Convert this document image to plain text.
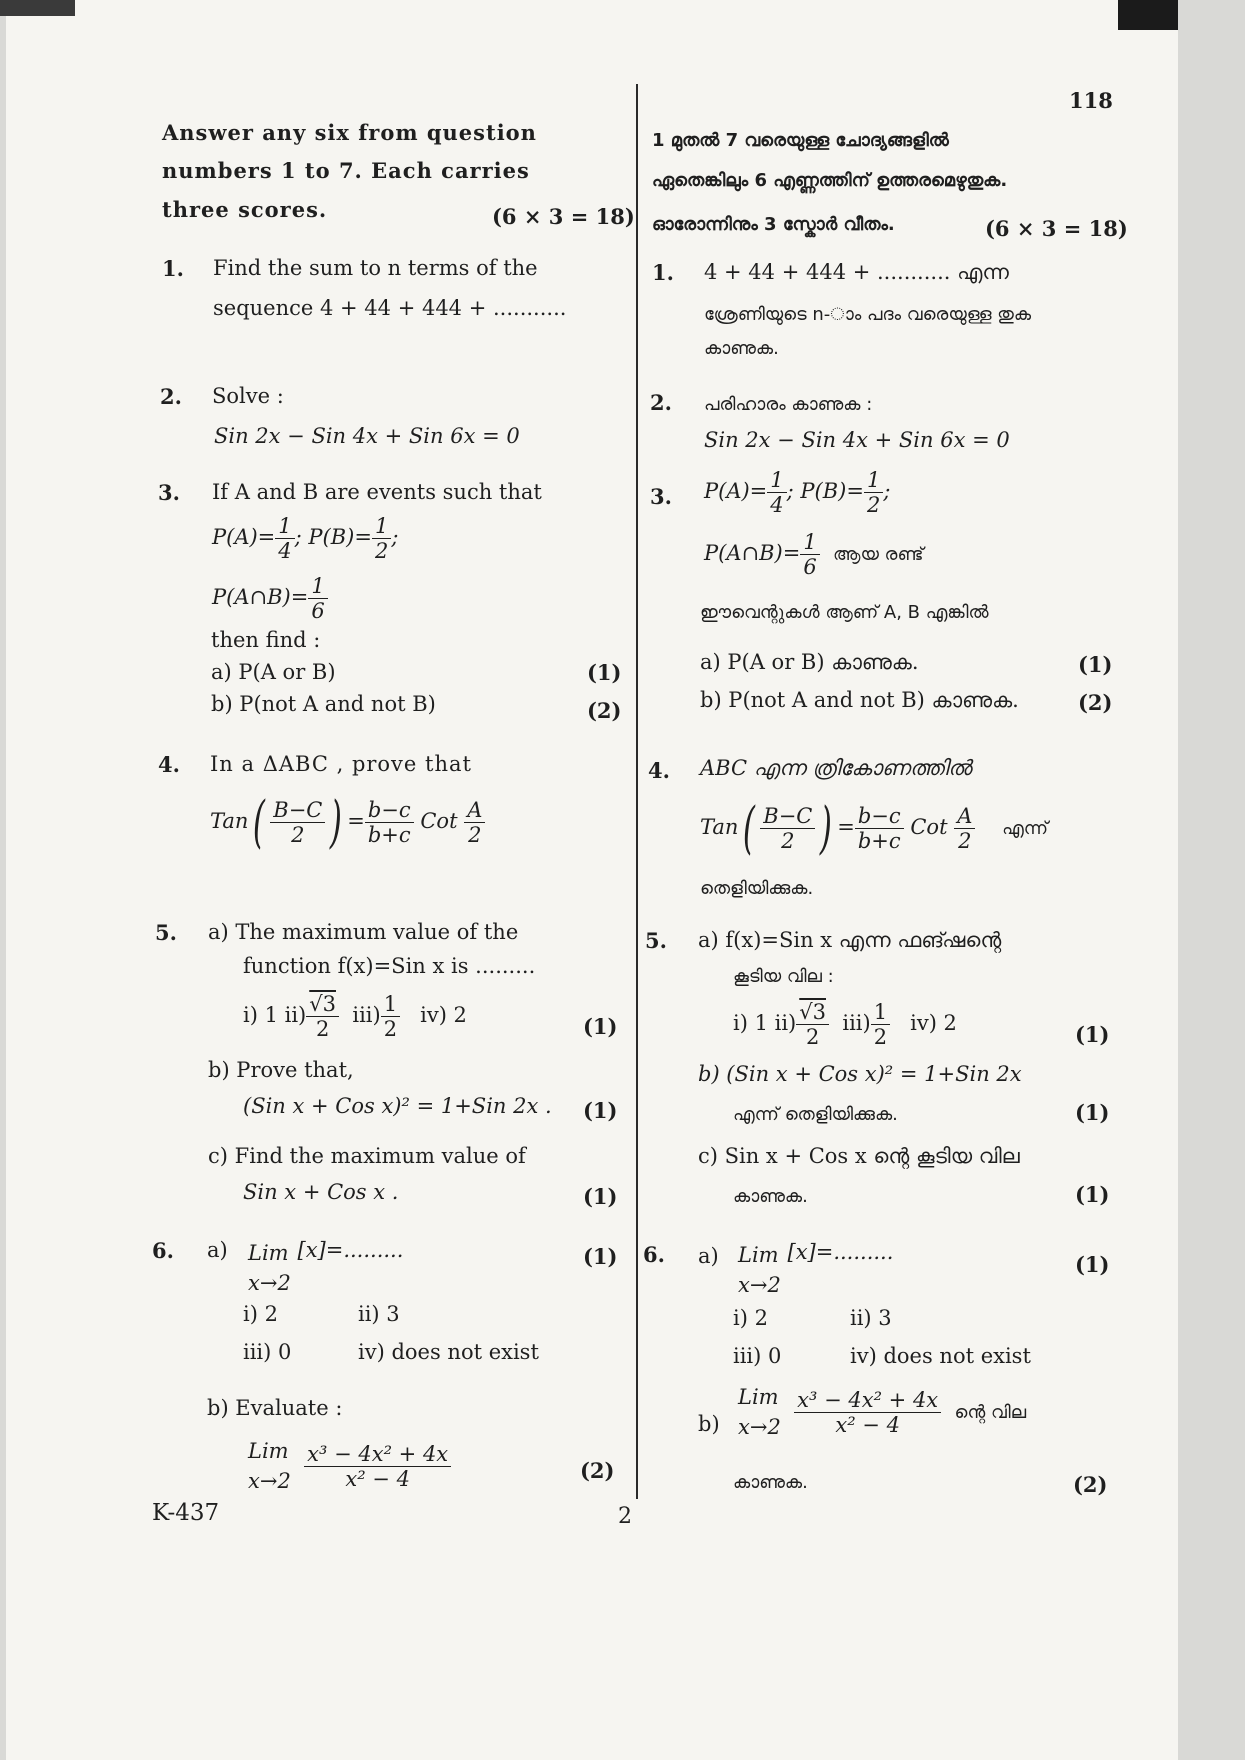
118
Answer any six from question
numbers 1 to 7. Each carries
three scores.	(6 × 3 = 18)
1. Find the sum to n terms of the
sequence 4 + 44 + 444 + ...........
2. Solve :
Sin 2x − Sin 4x + Sin 6x = 0
3. If A and B are events such that
$P(A)= \frac{1}{4}$ ; $P(B)= \frac{1}{2}$ ;
P(A∩B)= $\frac{1}{6}$
then find :
a) P(A or B)	(1)
b) P(not A and not B)	(2)
4. In a ΔABC , prove that
$Tan( \frac{B-C}{2}$ ) = $\frac{b-c}{b+c}$ Cot $\frac{A}{2}$
5. a) The maximum value of the
function f(x)=Sin x is .........
i) 1 $ii) \frac{√3}{2} iii) \frac{1}{2} iv$) 2	(1)
b) Prove that,
(Sin x + Cos x)² = 1+Sin 2x . (1)
c) Find the maximum value of
Sin x + Cos x .	(1)
6. a) Lim
x→2 [x]=.........	(1)
i) 2	ii) 3
iii) 0	iv) does not exist
b) Evaluate :
Lim
$x\to 2 \frac{\text{x³ − 4x² + 4x}}{\text{x² − 4}}$	(2)
K-437	2
1 മുതൽ 7 വരെയുള്ള ചോദ്യങ്ങളിൽ
ഏതെങ്കിലും 6 എണ്ണത്തിന് ഉത്തരമെഴുതുക.
ഓരോന്നിനും 3 സ്കോർ വീതം.	(6 × 3 = 18)
1. 4 + 44 + 444 + ........... എന്ന
ശ്രേണിയുടെ n-ാം പദം വരെയുള്ള തുക
കാണുക.
2. പരിഹാരം കാണുക :
Sin 2x − Sin 4x + Sin 6x = 0
3. $P(A)= \frac{1}{4}$ ; $P(B)= \frac{1}{2}$ ;
P(A∩B)= $\frac{1}{6}$ ആയ രണ്ട്
ഈവെന്റുകൾ ആണ് A, B എങ്കിൽ
a) P(A or B) കാണുക.	(1)
b) P(not A and not B) കാണുക.	(2)
4. ABC എന്ന ത്രികോണത്തിൽ
$Tan( \frac{B-C}{2}$ ) = $\frac{b-c}{b+c}$ Cot $\frac{A}{2}$ എന്ന്
തെളിയിക്കുക.
5. a) f(x)=Sin x എന്ന ഫങ്ഷന്റെ
കൂടിയ വില :
i) 1 $ii) \frac{√3}{2} iii) \frac{1}{2} iv$) 2	(1)
b) (Sin x + Cos x)² = 1+Sin 2x
എന്ന് തെളിയിക്കുക.	(1)
c) Sin x + Cos x ന്റെ കൂടിയ വില
കാണുക.	(1)
6. a) Lim
x→2 [x]=.........	(1)
i) 2	ii) 3
iii) 0	iv) does not exist
b)
Lim
$x\to 2 \frac{\text{x³ − 4x² + 4x}}{\text{x² − 4}}$ ന്റെ വില
കാണുക.	(2)
